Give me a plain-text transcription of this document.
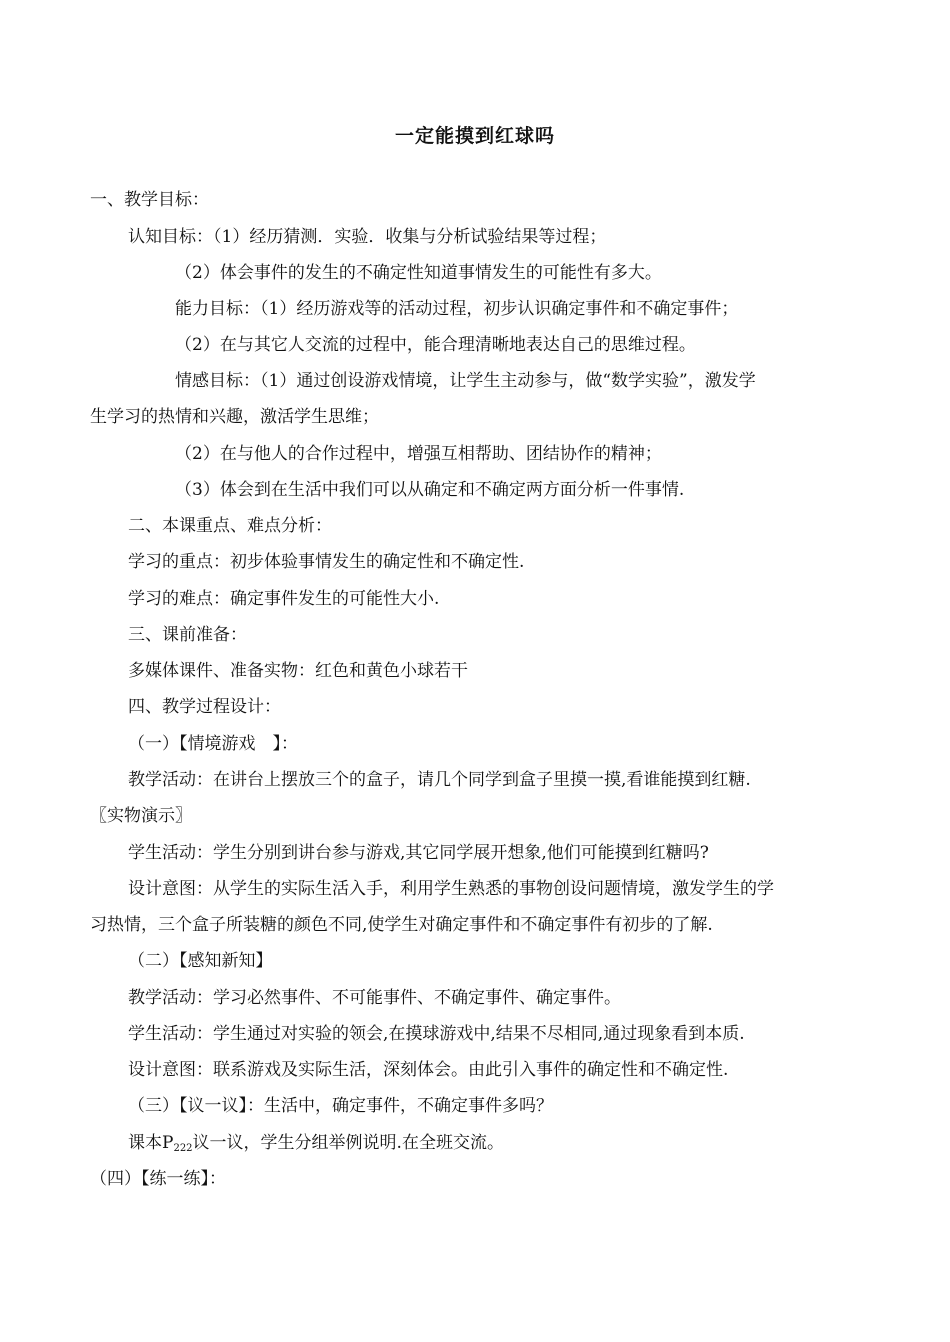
一定能摸到红球吗
一、教学目标：
认知目标：（1）经历猜测．实验．收集与分析试验结果等过程；
（2）体会事件的发生的不确定性知道事情发生的可能性有多大。
能力目标：（1）经历游戏等的活动过程，初步认识确定事件和不确定事件；
（2）在与其它人交流的过程中，能合理清晰地表达自己的思维过程。
情感目标：（1）通过创设游戏情境，让学生主动参与，做“数学实验”，激发学
生学习的热情和兴趣，激活学生思维；
（2）在与他人的合作过程中，增强互相帮助、团结协作的精神；
（3）体会到在生活中我们可以从确定和不确定两方面分析一件事情.
二、本课重点、难点分析：
学习的重点：初步体验事情发生的确定性和不确定性.
学习的难点：确定事件发生的可能性大小.
三、课前准备：
多媒体课件、准备实物：红色和黄色小球若干
四、教学过程设计：
（一）【情境游戏　】：
教学活动：在讲台上摆放三个的盒子，请几个同学到盒子里摸一摸,看谁能摸到红糖.
〖实物演示〗
学生活动：学生分别到讲台参与游戏,其它同学展开想象,他们可能摸到红糖吗?
设计意图：从学生的实际生活入手，利用学生熟悉的事物创设问题情境，激发学生的学
习热情，三个盒子所装糖的颜色不同,使学生对确定事件和不确定事件有初步的了解.
（二）【感知新知】
教学活动：学习必然事件、不可能事件、不确定事件、确定事件。
学生活动：学生通过对实验的领会,在摸球游戏中,结果不尽相同,通过现象看到本质.
设计意图：联系游戏及实际生活，深刻体会。由此引入事件的确定性和不确定性.
（三）【议一议】：生活中，确定事件，不确定事件多吗？
课本$P_{222}$议一议，学生分组举例说明.在全班交流。
（四）【练一练】：
